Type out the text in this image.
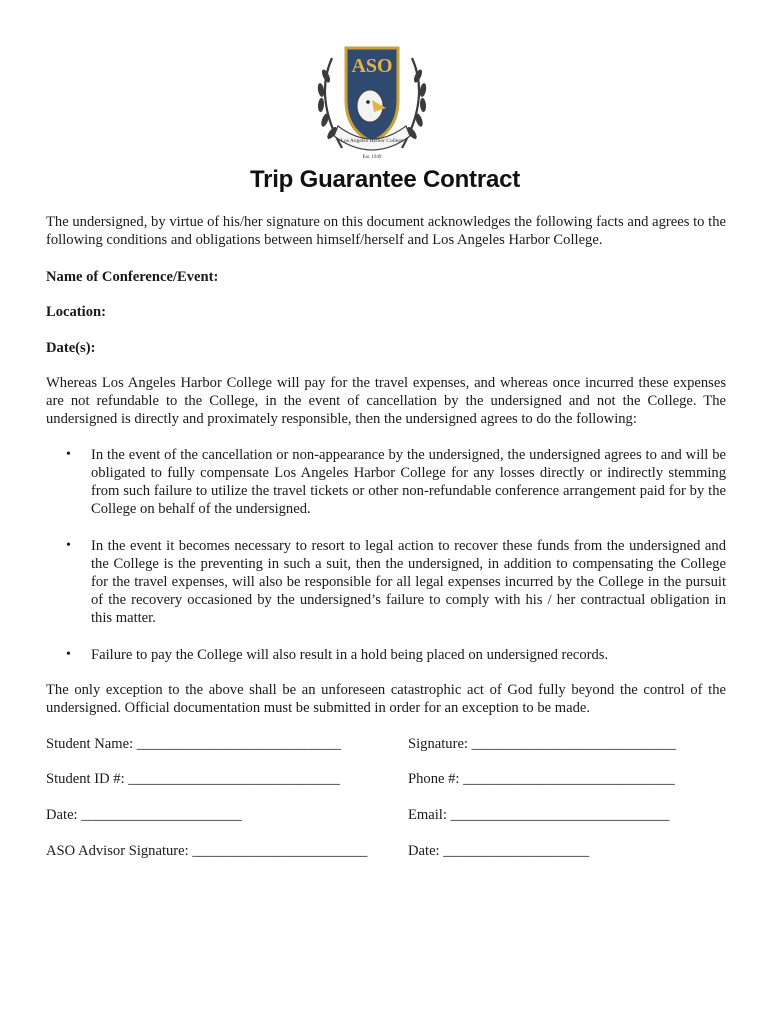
ASO
Los Angeles Harbor College
Est. 1949
Trip Guarantee Contract
The undersigned, by virtue of his/her signature on this document acknowledges the following facts and agrees to the following conditions and obligations between himself/herself and Los Angeles Harbor College.
Name of Conference/Event:
Location:
Date(s):
Whereas Los Angeles Harbor College will pay for the travel expenses, and whereas once incurred these expenses are not refundable to the College, in the event of cancellation by the undersigned and not the College. The undersigned is directly and proximately responsible, then the undersigned agrees to do the following:
• In the event of the cancellation or non-appearance by the undersigned, the undersigned agrees to and will be obligated to fully compensate Los Angeles Harbor College for any losses directly or indirectly stemming from such failure to utilize the travel tickets or other non-refundable conference arrangement paid for by the College on behalf of the undersigned.
• In the event it becomes necessary to resort to legal action to recover these funds from the undersigned and the College is the preventing in such a suit, then the undersigned, in addition to compensating the College for the travel expenses, will also be responsible for all legal expenses incurred by the College in the pursuit of the recovery occasioned by the undersigned’s failure to comply with his / her contractual obligation in this matter.
• Failure to pay the College will also result in a hold being placed on undersigned records.
The only exception to the above shall be an unforeseen catastrophic act of God fully beyond the control of the undersigned. Official documentation must be submitted in order for an exception to be made.
Student Name: ____________________________	Signature: ____________________________
Student ID #: _____________________________	Phone #: _____________________________
Date: ______________________	Email: ______________________________
ASO Advisor Signature: ________________________	Date: ____________________
